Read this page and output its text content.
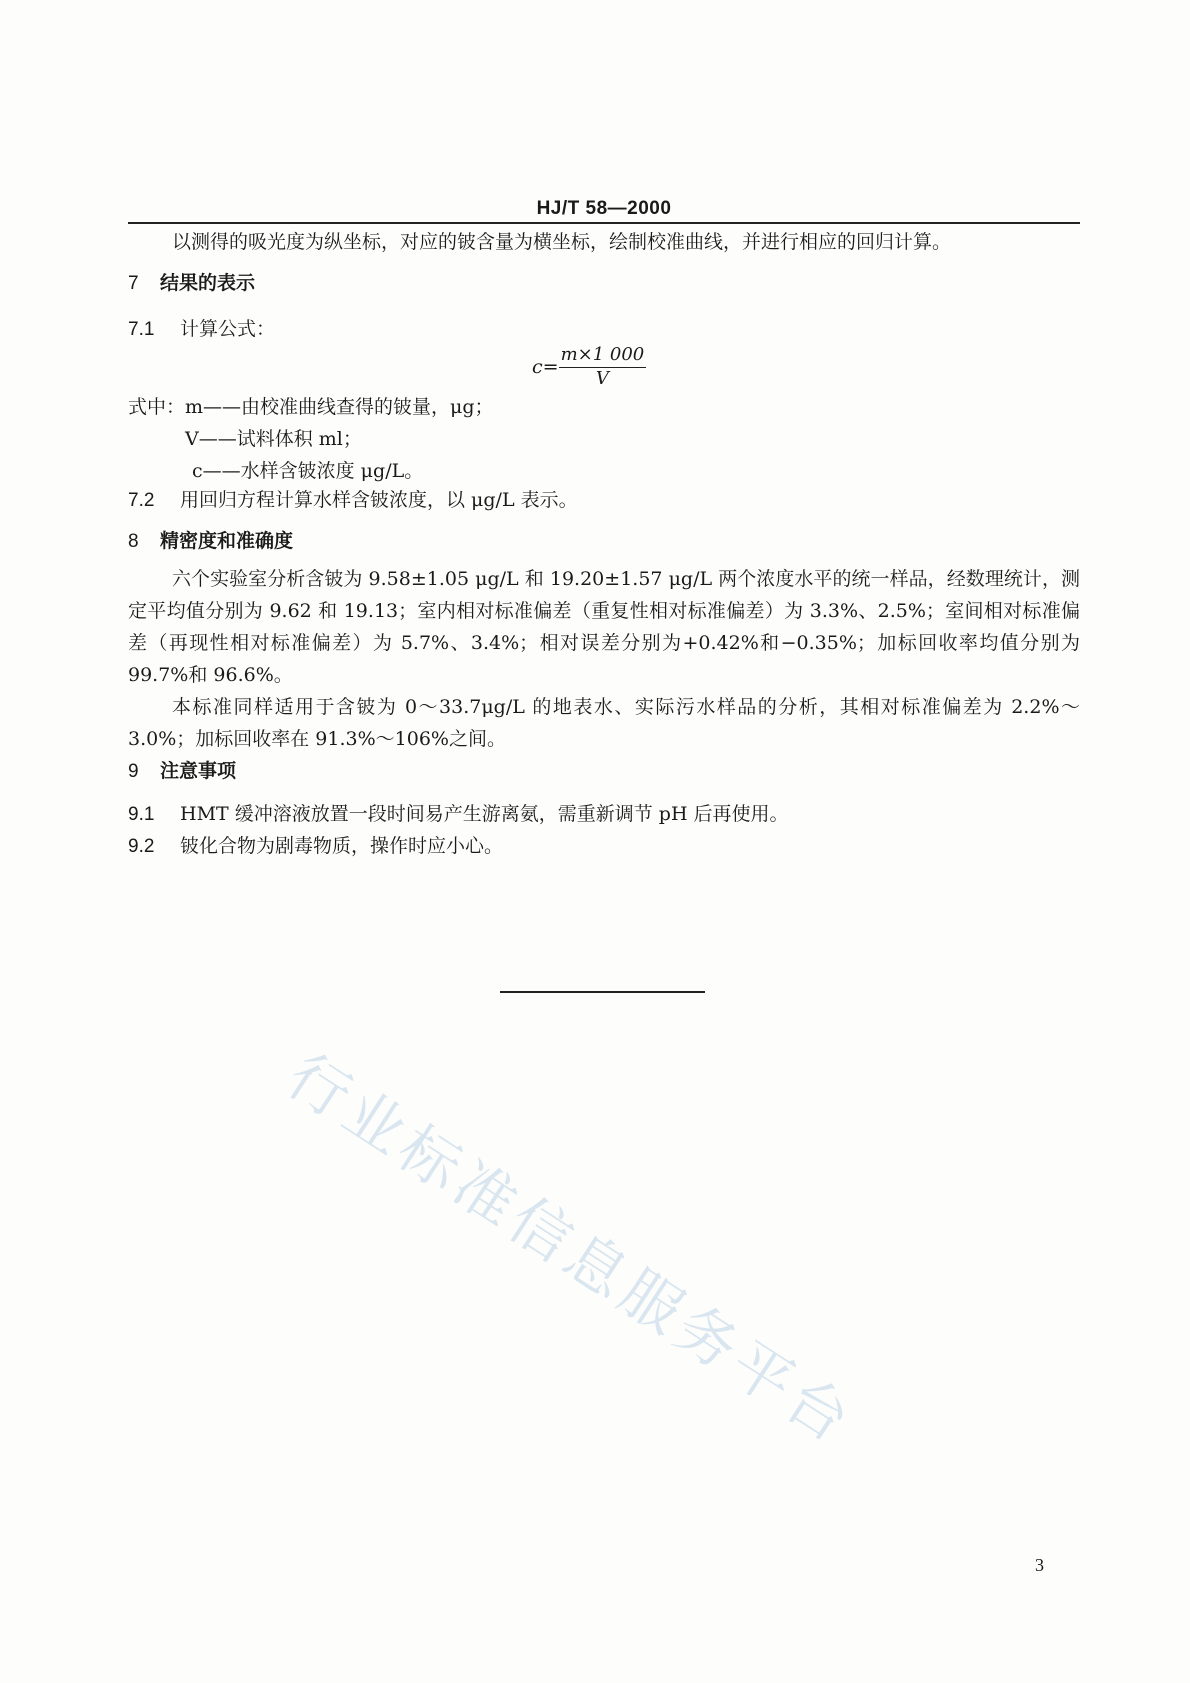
HJ/T 58—2000
以测得的吸光度为纵坐标，对应的铍含量为横坐标，绘制校准曲线，并进行相应的回归计算。
7 结果的表示
7.1 计算公式：
$c= \frac{m\times 1 000}{V}$
式中：m——由校准曲线查得的铍量，μg；
V——试料体积 ml；
c——水样含铍浓度 μg/L。
7.2 用回归方程计算水样含铍浓度，以 μg/L 表示。
8 精密度和准确度
六个实验室分析含铍为 9.58±1.05 μg/L 和 19.20±1.57 μg/L 两个浓度水平的统一样品，经数理统计，测定平均值分别为 9.62 和 19.13；室内相对标准偏差（重复性相对标准偏差）为 3.3%、2.5%；室间相对标准偏差（再现性相对标准偏差）为 5.7%、3.4%；相对误差分别为+0.42%和−0.35%；加标回收率均值分别为 99.7%和 96.6%。
本标准同样适用于含铍为 0～33.7μg/L 的地表水、实际污水样品的分析，其相对标准偏差为 2.2%～3.0%；加标回收率在 91.3%～106%之间。
9 注意事项
9.1 HMT 缓冲溶液放置一段时间易产生游离氨，需重新调节 pH 后再使用。
9.2 铍化合物为剧毒物质，操作时应小心。
行业标准信息服务平台
3
